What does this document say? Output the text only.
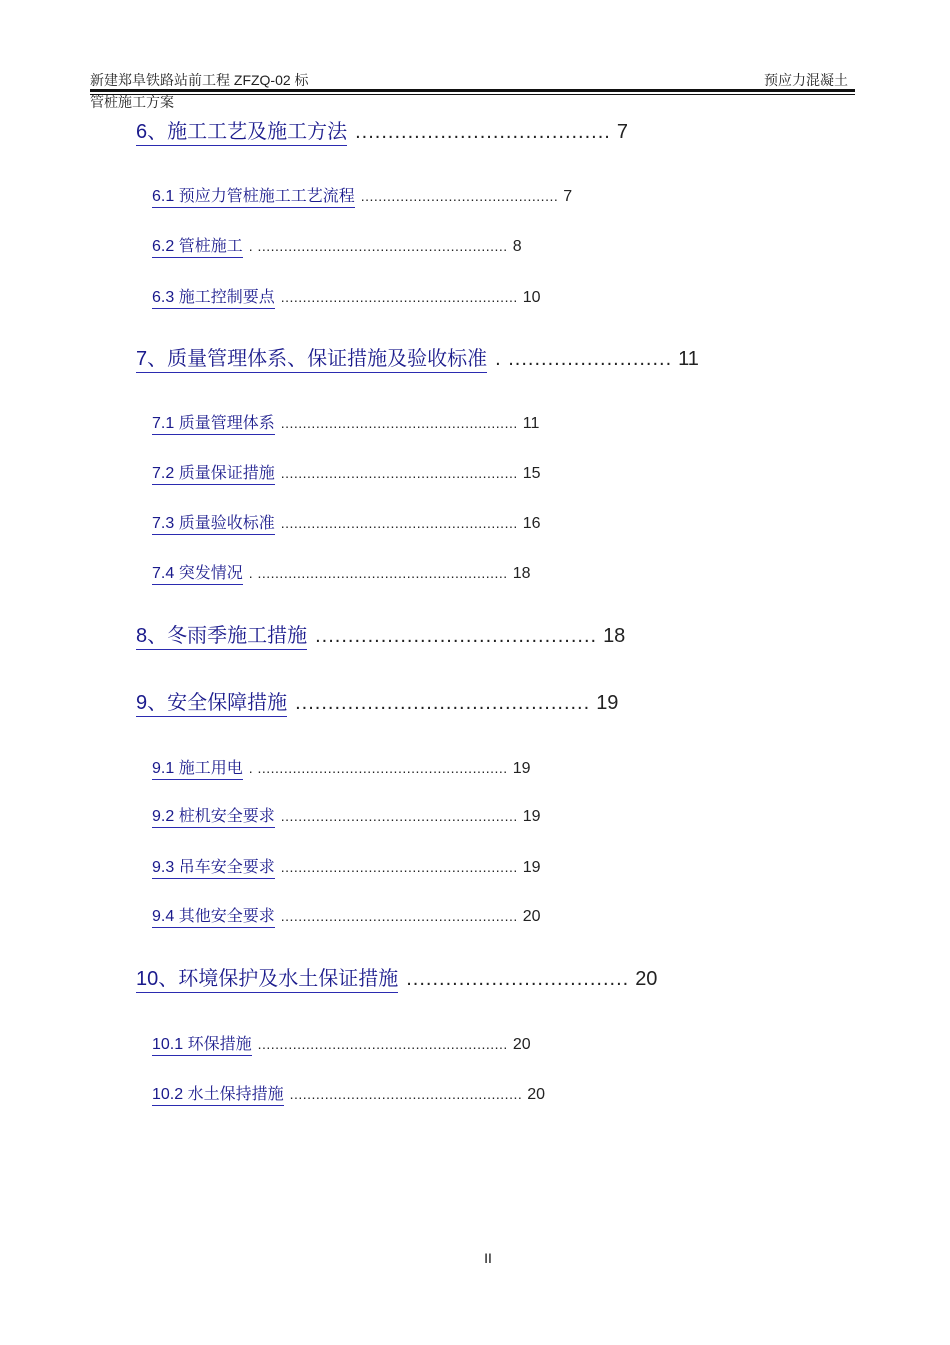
新建郑阜铁路站前工程 ZFZQ-02 标	预应力混凝土
管桩施工方案
6、施工工艺及施工方法 ....................................... 7
6.1 预应力管桩施工工艺流程 ............................................. 7
6.2 管桩施工 . ......................................................... 8
6.3 施工控制要点 ...................................................... 10
7、质量管理体系、保证措施及验收标准 . ......................... 11
7.1 质量管理体系 ...................................................... 11
7.2 质量保证措施 ...................................................... 15
7.3 质量验收标准 ...................................................... 16
7.4 突发情况 . ......................................................... 18
8、冬雨季施工措施 ........................................... 18
9、安全保障措施 ............................................. 19
9.1 施工用电 . ......................................................... 19
9.2 桩机安全要求 ...................................................... 19
9.3 吊车安全要求 ...................................................... 19
9.4 其他安全要求 ...................................................... 20
10、环境保护及水土保证措施 .................................. 20
10.1 环保措施 ......................................................... 20
10.2 水土保持措施 ..................................................... 20
II
